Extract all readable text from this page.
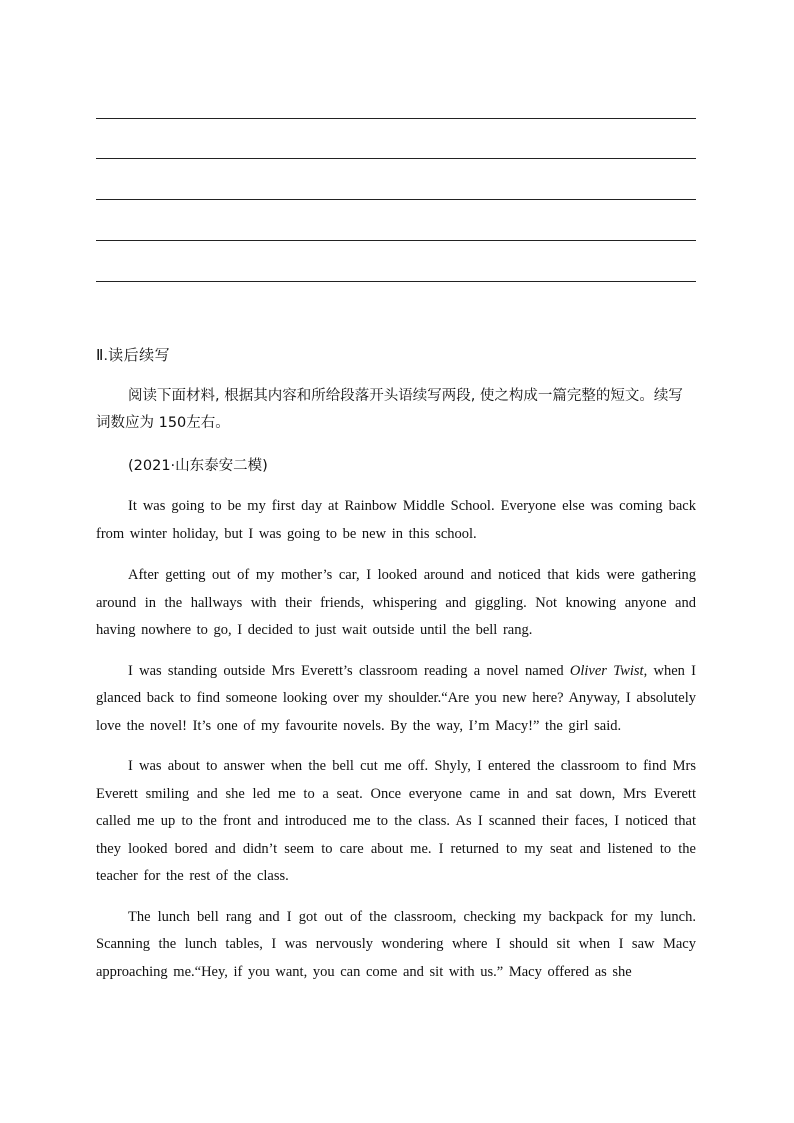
Ⅱ.读后续写

阅读下面材料, 根据其内容和所给段落开头语续写两段, 使之构成一篇完整的短文。续写词数应为 150左右。

(2021·山东泰安二模)

It was going to be my first day at Rainbow Middle School. Everyone else was coming back from winter holiday, but I was going to be new in this school.

After getting out of my mother’s car, I looked around and noticed that kids were gathering around in the hallways with their friends, whispering and giggling. Not knowing anyone and having nowhere to go, I decided to just wait outside until the bell rang.

I was standing outside Mrs Everett’s classroom reading a novel named Oliver Twist, when I glanced back to find someone looking over my shoulder.“Are you new here? Anyway, I absolutely love the novel! It’s one of my favourite novels. By the way, I’m Macy!” the girl said.

I was about to answer when the bell cut me off. Shyly, I entered the classroom to find Mrs Everett smiling and she led me to a seat. Once everyone came in and sat down, Mrs Everett called me up to the front and introduced me to the class. As I scanned their faces, I noticed that they looked bored and didn’t seem to care about me. I returned to my seat and listened to the teacher for the rest of the class.

The lunch bell rang and I got out of the classroom, checking my backpack for my lunch. Scanning the lunch tables, I was nervously wondering where I should sit when I saw Macy approaching me.“Hey, if you want, you can come and sit with us.” Macy offered as she
